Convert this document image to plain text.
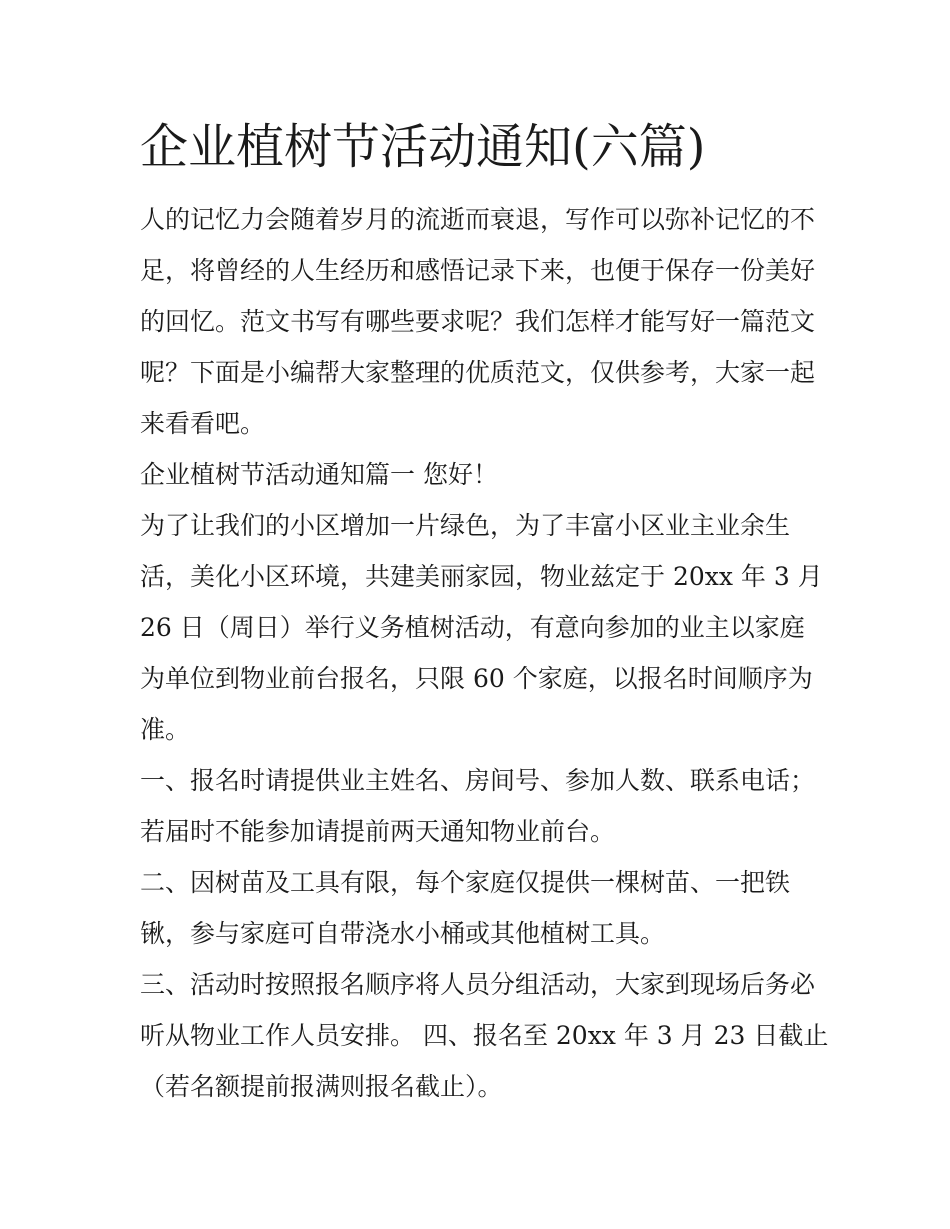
企业植树节活动通知(六篇)

人的记忆力会随着岁月的流逝而衰退，写作可以弥补记忆的不

足，将曾经的人生经历和感悟记录下来，也便于保存一份美好

的回忆。范文书写有哪些要求呢？我们怎样才能写好一篇范文

呢？下面是小编帮大家整理的优质范文，仅供参考，大家一起

来看看吧。

企业植树节活动通知篇一 您好！

为了让我们的小区增加一片绿色，为了丰富小区业主业余生

活，美化小区环境，共建美丽家园，物业兹定于 20xx 年 3 月

26 日（周日）举行义务植树活动，有意向参加的业主以家庭

为单位到物业前台报名，只限 60 个家庭，以报名时间顺序为

准。

一、报名时请提供业主姓名、房间号、参加人数、联系电话；

若届时不能参加请提前两天通知物业前台。

二、因树苗及工具有限，每个家庭仅提供一棵树苗、一把铁

锹，参与家庭可自带浇水小桶或其他植树工具。

三、活动时按照报名顺序将人员分组活动，大家到现场后务必

听从物业工作人员安排。 四、报名至 20xx 年 3 月 23 日截止

（若名额提前报满则报名截止）。
